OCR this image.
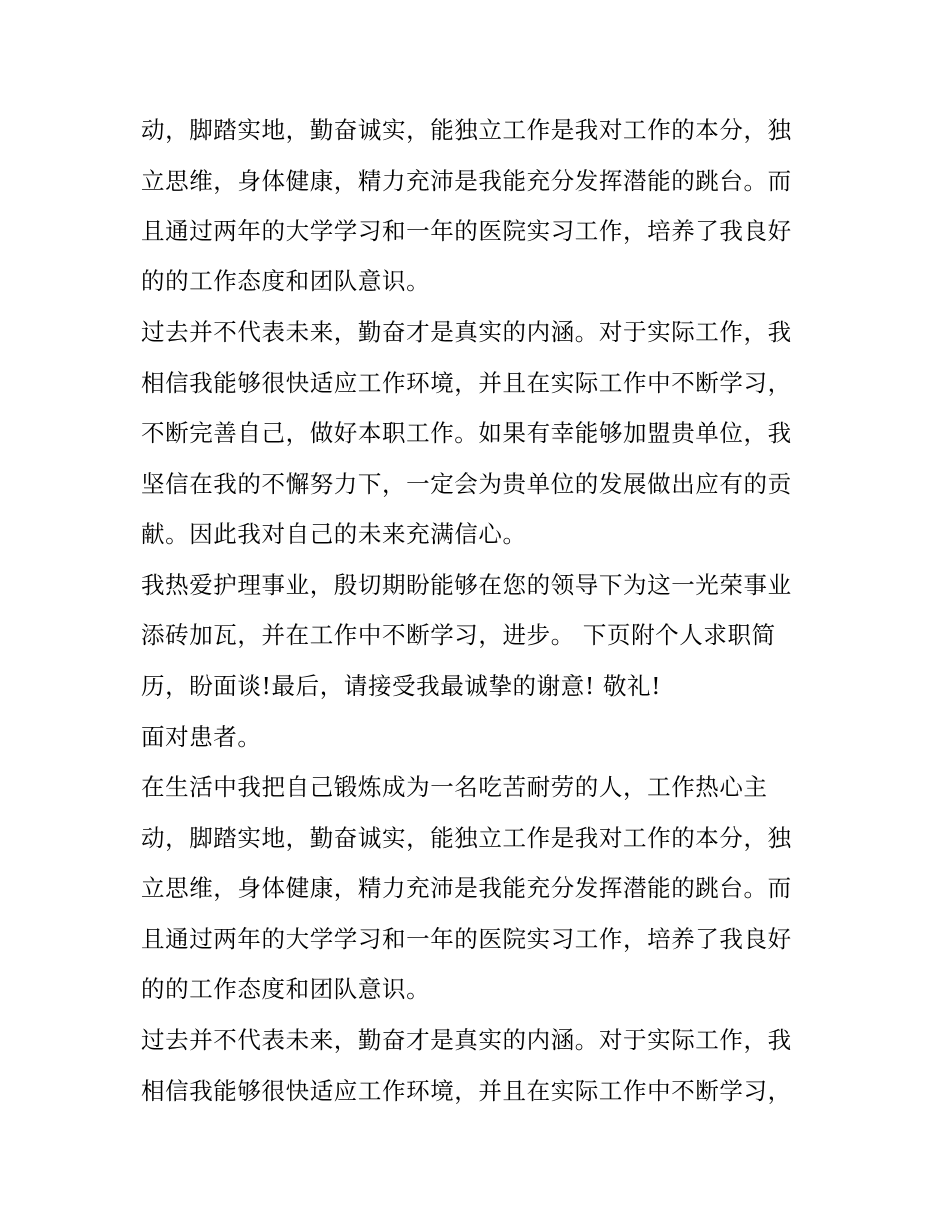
动，脚踏实地，勤奋诚实，能独立工作是我对工作的本分，独
立思维，身体健康，精力充沛是我能充分发挥潜能的跳台。而
且通过两年的大学学习和一年的医院实习工作，培养了我良好
的的工作态度和团队意识。
过去并不代表未来，勤奋才是真实的内涵。对于实际工作，我
相信我能够很快适应工作环境，并且在实际工作中不断学习，
不断完善自己，做好本职工作。如果有幸能够加盟贵单位，我
坚信在我的不懈努力下，一定会为贵单位的发展做出应有的贡
献。因此我对自己的未来充满信心。
我热爱护理事业，殷切期盼能够在您的领导下为这一光荣事业
添砖加瓦，并在工作中不断学习，进步。 下页附个人求职简
历，盼面谈!最后，请接受我最诚挚的谢意! 敬礼!
面对患者。
在生活中我把自己锻炼成为一名吃苦耐劳的人，工作热心主
动，脚踏实地，勤奋诚实，能独立工作是我对工作的本分，独
立思维，身体健康，精力充沛是我能充分发挥潜能的跳台。而
且通过两年的大学学习和一年的医院实习工作，培养了我良好
的的工作态度和团队意识。
过去并不代表未来，勤奋才是真实的内涵。对于实际工作，我
相信我能够很快适应工作环境，并且在实际工作中不断学习，
